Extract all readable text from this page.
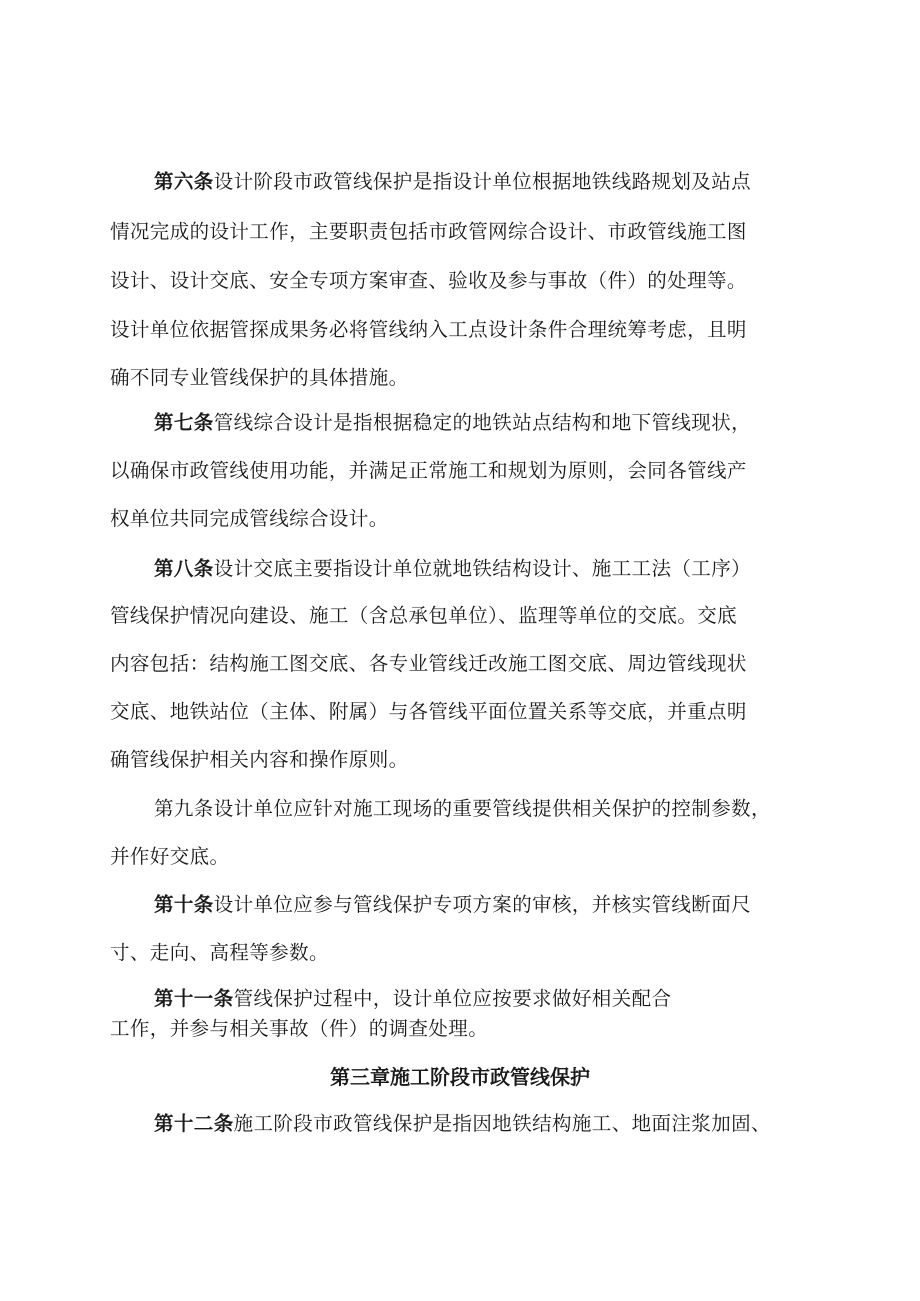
第六条设计阶段市政管线保护是指设计单位根据地铁线路规划及站点
情况完成的设计工作，主要职责包括市政管网综合设计、市政管线施工图
设计、设计交底、安全专项方案审查、验收及参与事故（件）的处理等。
设计单位依据管探成果务必将管线纳入工点设计条件合理统筹考虑，且明
确不同专业管线保护的具体措施。
第七条管线综合设计是指根据稳定的地铁站点结构和地下管线现状，
以确保市政管线使用功能，并满足正常施工和规划为原则，会同各管线产
权单位共同完成管线综合设计。
第八条设计交底主要指设计单位就地铁结构设计、施工工法（工序）
管线保护情况向建设、施工（含总承包单位）、监理等单位的交底。交底
内容包括：结构施工图交底、各专业管线迁改施工图交底、周边管线现状
交底、地铁站位（主体、附属）与各管线平面位置关系等交底，并重点明
确管线保护相关内容和操作原则。
第九条设计单位应针对施工现场的重要管线提供相关保护的控制参数，
并作好交底。
第十条设计单位应参与管线保护专项方案的审核，并核实管线断面尺
寸、走向、高程等参数。
第十一条管线保护过程中，设计单位应按要求做好相关配合
工作，并参与相关事故（件）的调查处理。
第三章施工阶段市政管线保护
第十二条施工阶段市政管线保护是指因地铁结构施工、地面注浆加固、
